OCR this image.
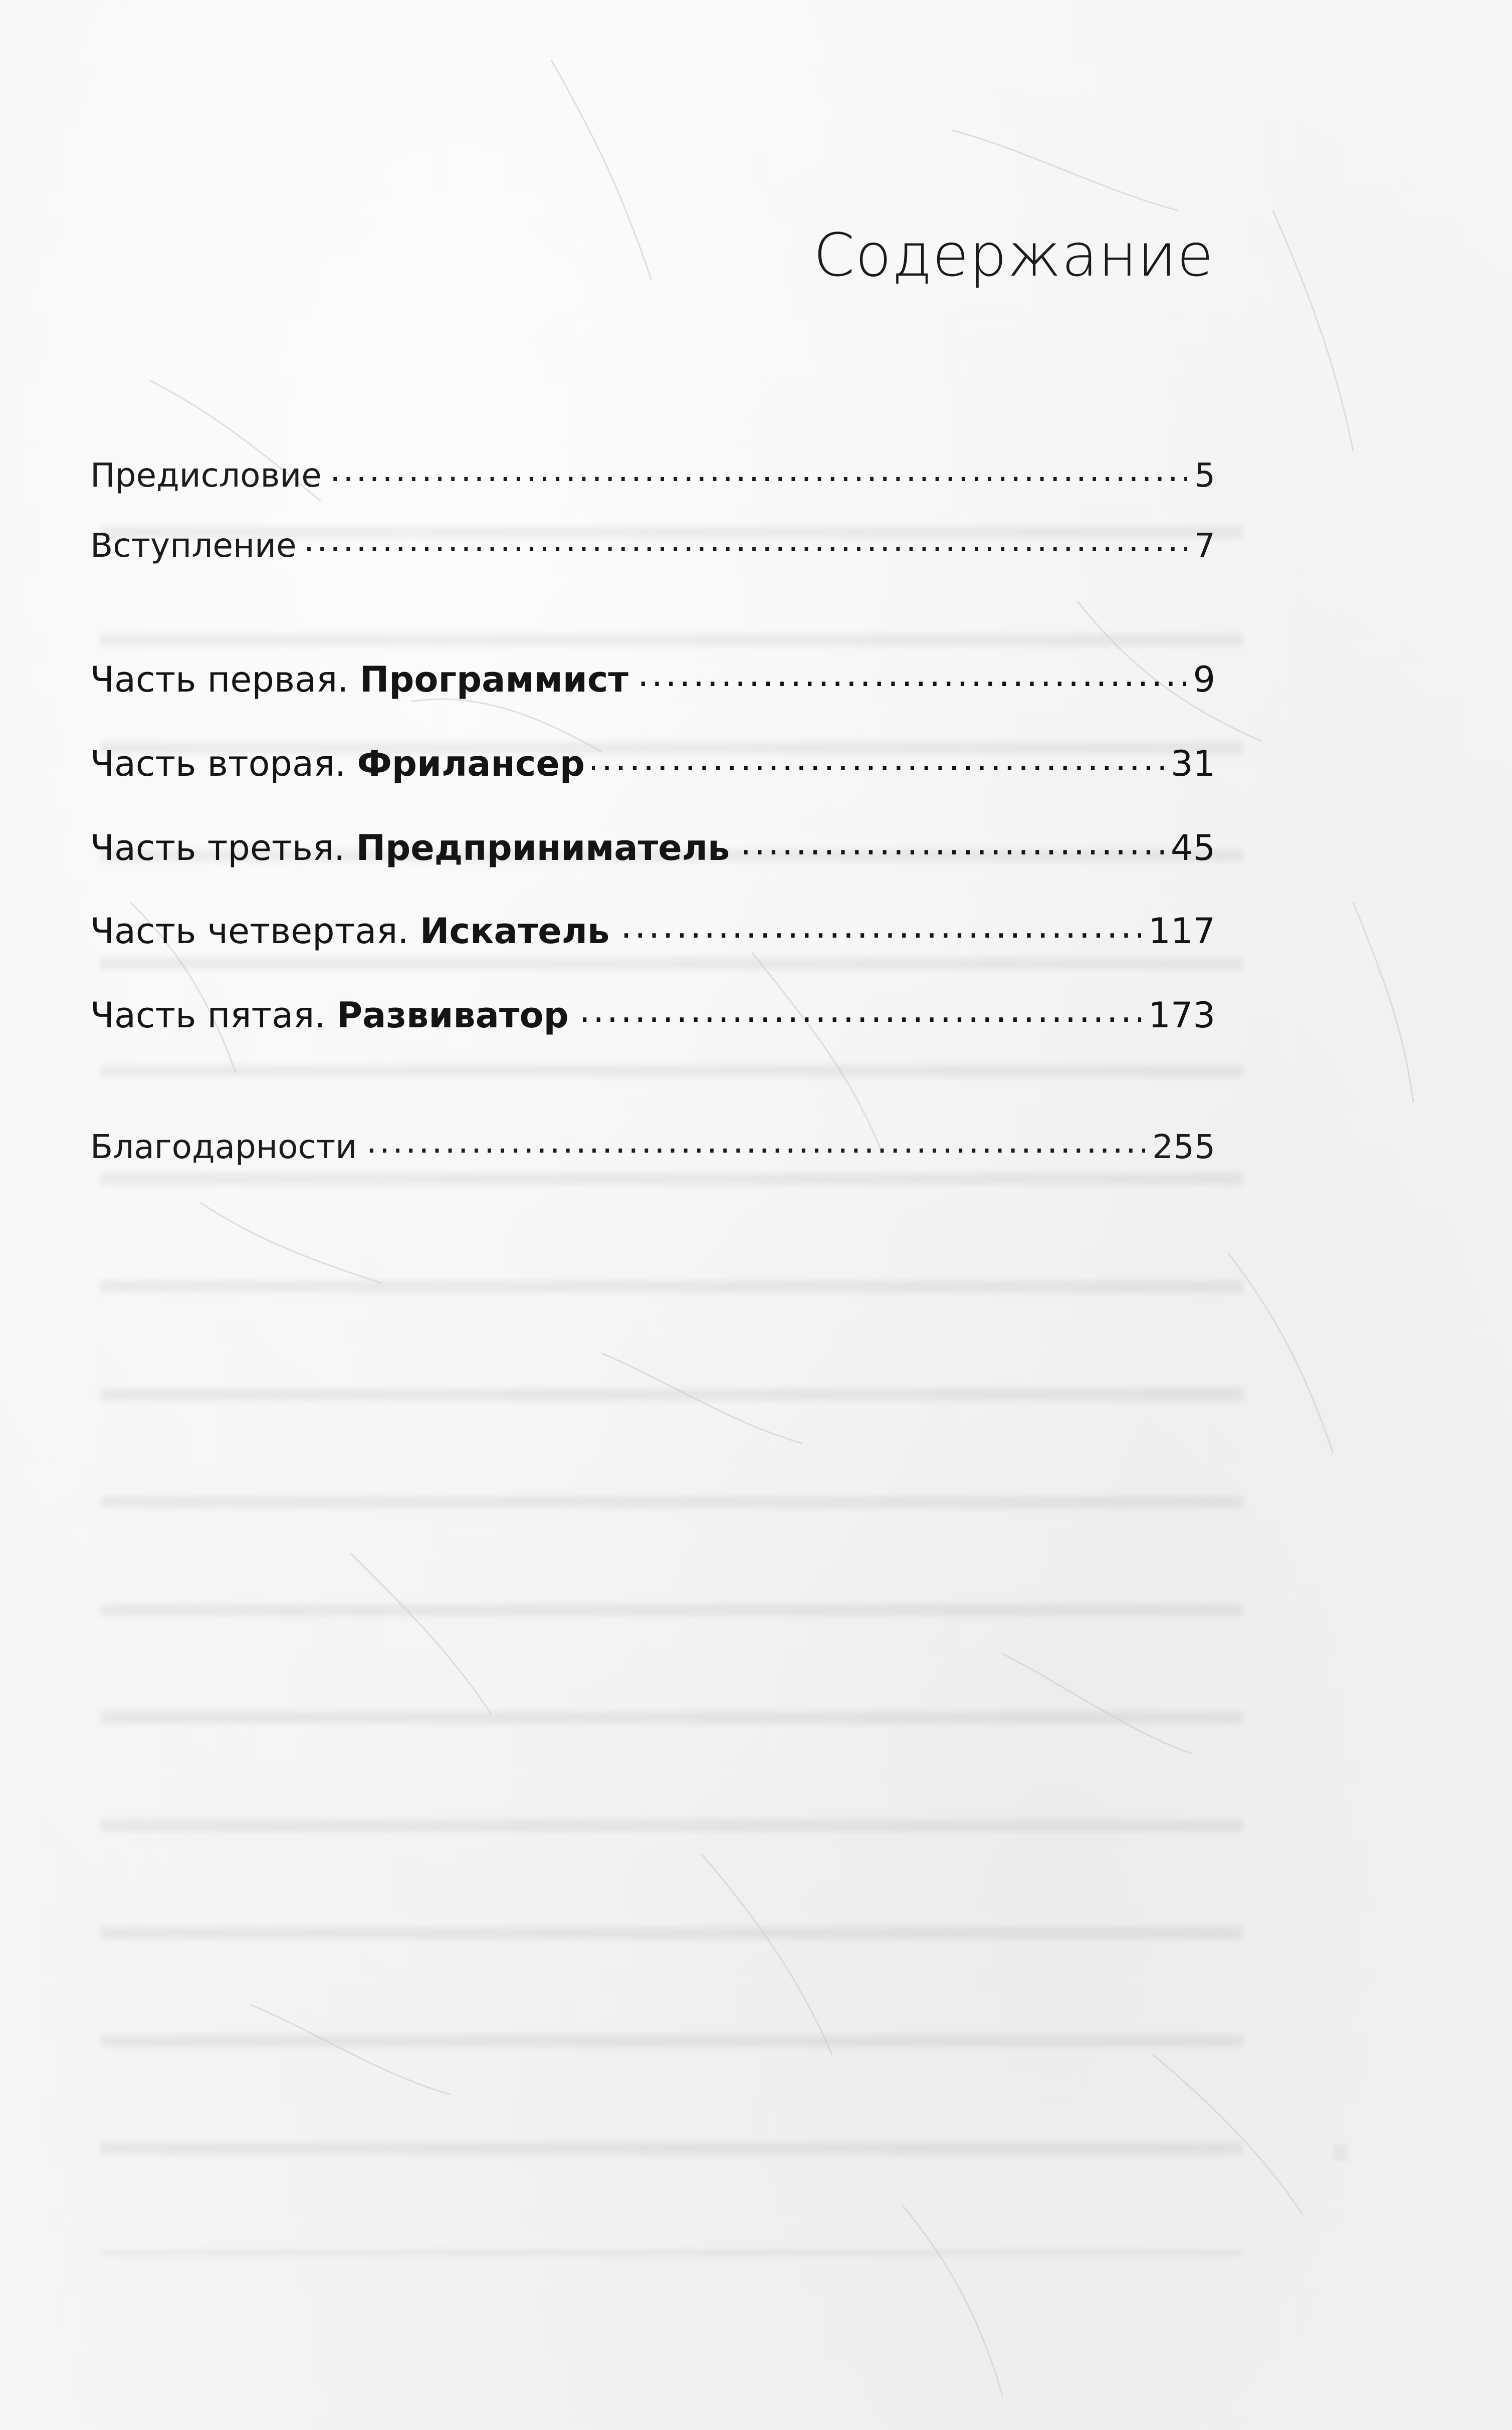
Содержание
Предисловие . . .	5
Вступление . . .	7
Часть первая. Программист . . .	9
Часть вторая. Фрилансер . . .	31
Часть третья. Предприниматель . . .	45
Часть четвертая. Искатель . . .	117
Часть пятая. Развиватор . . .	173
Благодарности . . .	255
